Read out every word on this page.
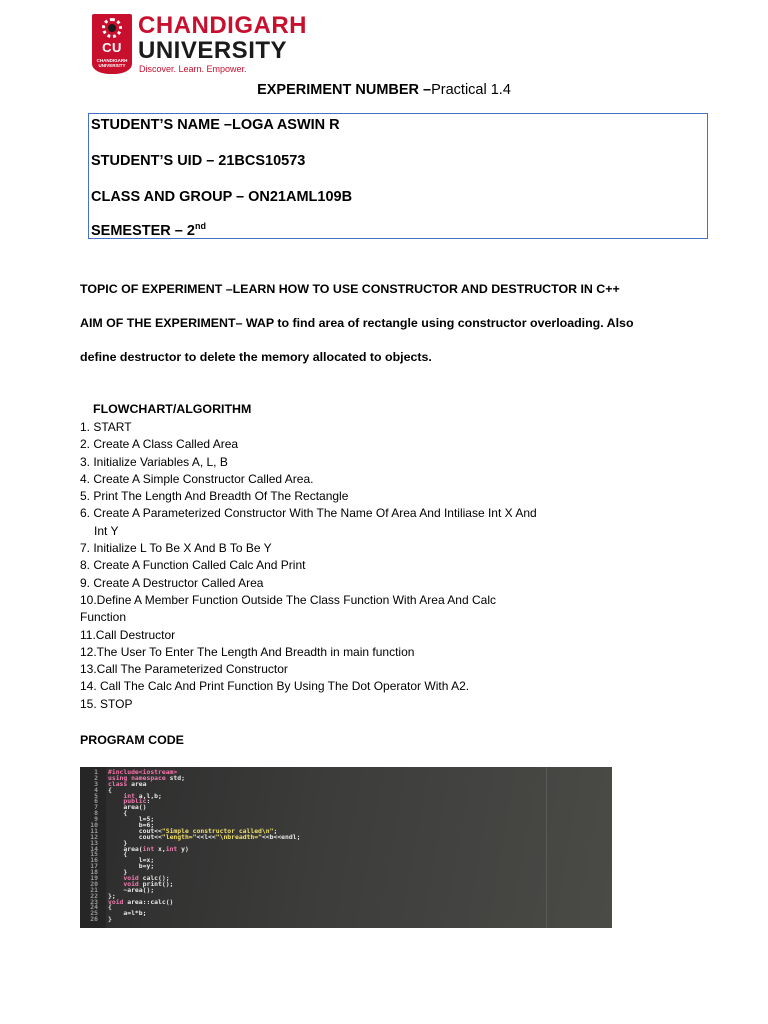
CU
CHANDIGARH UNIVERSITY
CHANDIGARH
UNIVERSITY
Discover. Learn. Empower.
EXPERIMENT NUMBER –Practical 1.4
STUDENT’S NAME –LOGA ASWIN R
STUDENT’S UID – 21BCS10573
CLASS AND GROUP – ON21AML109B
SEMESTER – 2nd
TOPIC OF EXPERIMENT –LEARN HOW TO USE CONSTRUCTOR AND DESTRUCTOR IN C++
AIM OF THE EXPERIMENT– WAP to find area of rectangle using constructor overloading. Also
define destructor to delete the memory allocated to objects.
FLOWCHART/ALGORITHM
1. START
2. Create A Class Called Area
3. Initialize Variables A, L, B
4. Create A Simple Constructor Called Area.
5. Print The Length And Breadth Of The Rectangle
6. Create A Parameterized Constructor With The Name Of Area And Intiliase Int X And
Int Y
7. Initialize L To Be X And B To Be Y
8. Create A Function Called Calc And Print
9. Create A Destructor Called Area
10.Define A Member Function Outside The Class Function With Area And Calc
Function
11.Call Destructor
12.The User To Enter The Length And Breadth in main function
13.Call The Parameterized Constructor
14. Call The Calc And Print Function By Using The Dot Operator With A2.
15. STOP
PROGRAM CODE
1 #include<iostream>
2 using namespace std;
3 class area
4 {
5	int a,l,b;
6	public:
7    area()
8    {
9        l=5;
10        b=6;
11        cout<<"Simple constructor called\n";
12        cout<<"length="<<l<<"\nbreadth="<<b<<endl;
13    }
14    area(int x,int y)
15    {
16        l=x;
17        b=y;
18    }
19	void calc();
20	void print();
21    ~area();
22 };
23 void area::calc()
24 {
25    a=l*b;
26 }
